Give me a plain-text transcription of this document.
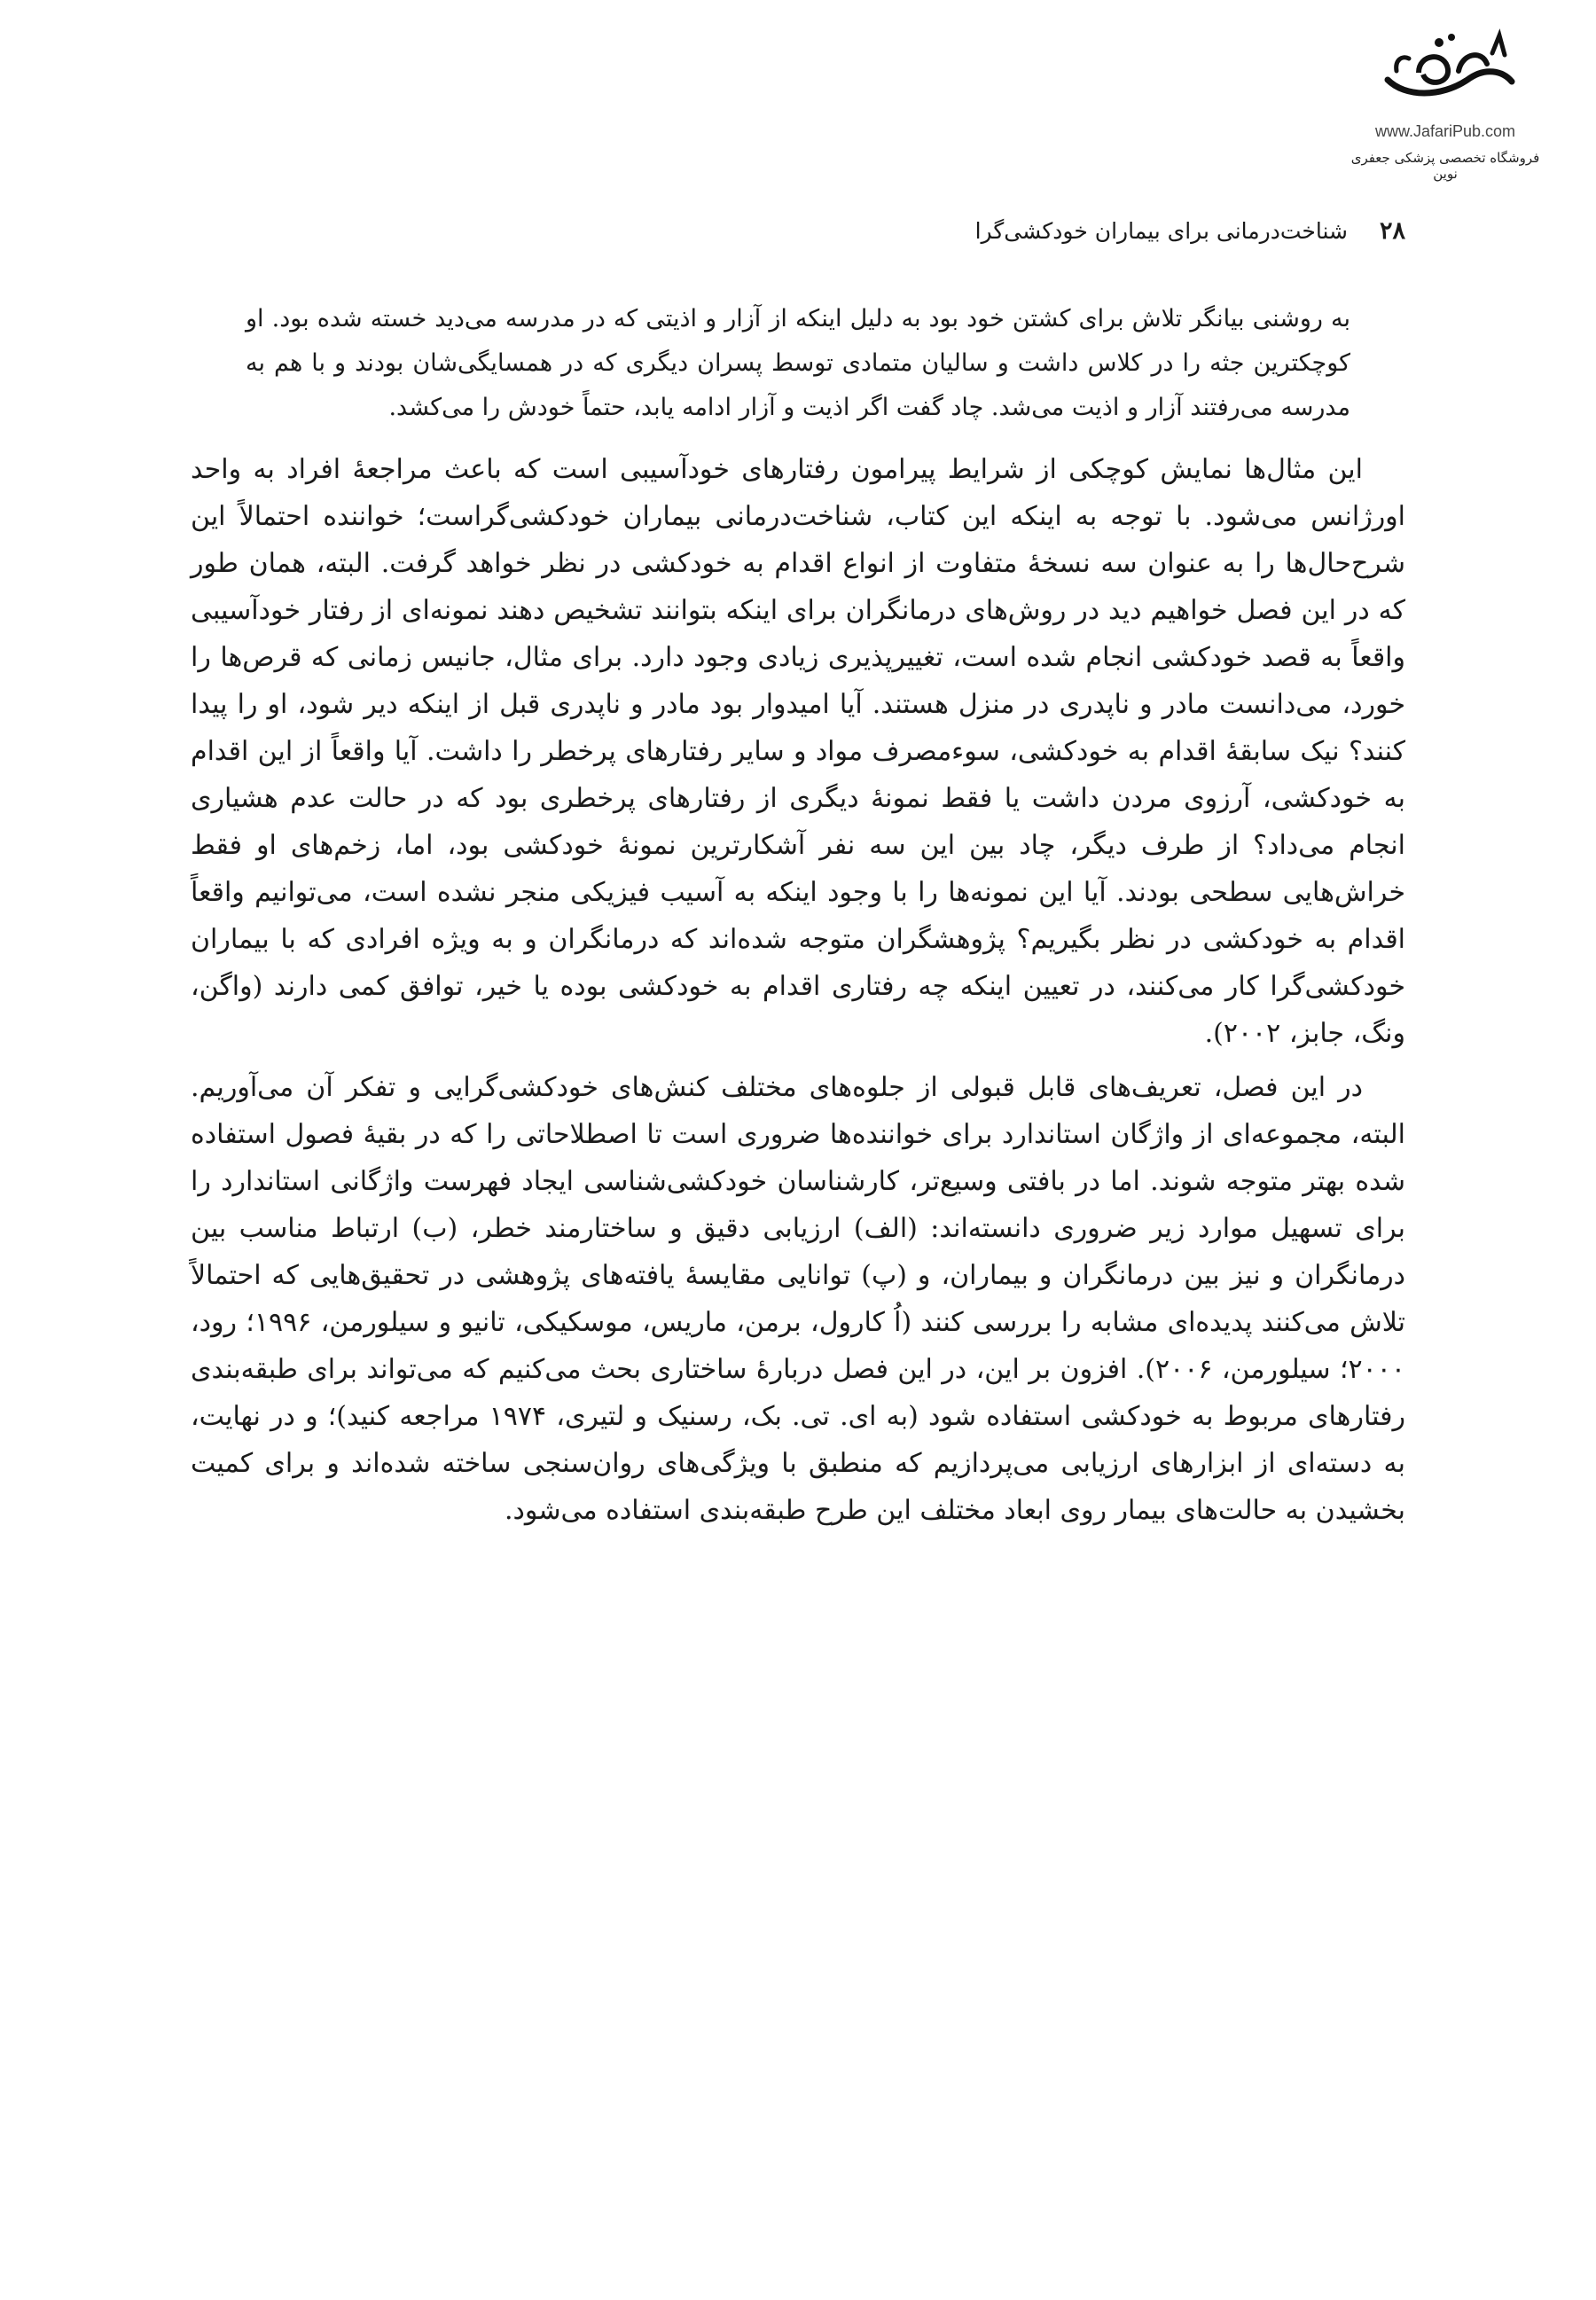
www.JafariPub.com
فروشگاه تخصصی پزشکی جعفری نوین
۲۸
شناخت‌درمانی برای بیماران خودکشی‌گرا

به روشنی بیانگر تلاش برای کشتن خود بود به دلیل اینکه از آزار و اذیتی که در مدرسه می‌دید خسته شده بود. او کوچکترین جثه را در کلاس داشت و سالیان متمادی توسط پسران دیگری که در همسایگی‌شان بودند و با هم به مدرسه می‌رفتند آزار و اذیت می‌شد. چاد گفت اگر اذیت و آزار ادامه یابد، حتماً خودش را می‌کشد.

این مثال‌ها نمایش کوچکی از شرایط پیرامون رفتارهای خودآسیبی است که باعث مراجعهٔ افراد به واحد اورژانس می‌شود. با توجه به اینکه این کتاب، شناخت‌درمانی بیماران خودکشی‌گراست؛ خواننده احتمالاً این شرح‌حال‌ها را به عنوان سه نسخهٔ متفاوت از انواع اقدام به خودکشی در نظر خواهد گرفت. البته، همان طور که در این فصل خواهیم دید در روش‌های درمانگران برای اینکه بتوانند تشخیص دهند نمونه‌ای از رفتار خودآسیبی واقعاً به قصد خودکشی انجام شده است، تغییرپذیری زیادی وجود دارد. برای مثال، جانیس زمانی که قرص‌ها را خورد، می‌دانست مادر و ناپدری در منزل هستند. آیا امیدوار بود مادر و ناپدری قبل از اینکه دیر شود، او را پیدا کنند؟ نیک سابقهٔ اقدام به خودکشی، سوءمصرف مواد و سایر رفتارهای پرخطر را داشت. آیا واقعاً از این اقدام به خودکشی، آرزوی مردن داشت یا فقط نمونهٔ دیگری از رفتارهای پرخطری بود که در حالت عدم هشیاری انجام می‌داد؟ از طرف دیگر، چاد بین این سه نفر آشکارترین نمونهٔ خودکشی بود، اما، زخم‌های او فقط خراش‌هایی سطحی بودند. آیا این نمونه‌ها را با وجود اینکه به آسیب فیزیکی منجر نشده است، می‌توانیم واقعاً اقدام به خودکشی در نظر بگیریم؟ پژوهشگران متوجه شده‌اند که درمانگران و به ویژه افرادی که با بیماران خودکشی‌گرا کار می‌کنند، در تعیین اینکه چه رفتاری اقدام به خودکشی بوده یا خیر، توافق کمی دارند (واگن، ونگ، جابز، ۲۰۰۲).

در این فصل، تعریف‌های قابل قبولی از جلوه‌های مختلف کنش‌های خودکشی‌گرایی و تفکر آن می‌آوریم. البته، مجموعه‌ای از واژگان استاندارد برای خواننده‌ها ضروری است تا اصطلاحاتی را که در بقیهٔ فصول استفاده شده بهتر متوجه شوند. اما در بافتی وسیع‌تر، کارشناسان خودکشی‌شناسی ایجاد فهرست واژگانی استاندارد را برای تسهیل موارد زیر ضروری دانسته‌اند: (الف) ارزیابی دقیق و ساختارمند خطر، (ب) ارتباط مناسب بین درمانگران و نیز بین درمانگران و بیماران، و (پ) توانایی مقایسهٔ یافته‌های پژوهشی در تحقیق‌هایی که احتمالاً تلاش می‌کنند پدیده‌ای مشابه را بررسی کنند (اُ کارول، برمن، ماریس، موسکیکی، تانیو و سیلورمن، ۱۹۹۶؛ رود، ۲۰۰۰؛ سیلورمن، ۲۰۰۶). افزون بر این، در این فصل دربارهٔ ساختاری بحث می‌کنیم که می‌تواند برای طبقه‌بندی رفتارهای مربوط به خودکشی استفاده شود (به ای. تی. بک، رسنیک و لتیری، ۱۹۷۴ مراجعه کنید)؛ و در نهایت، به دسته‌ای از ابزارهای ارزیابی می‌پردازیم که منطبق با ویژگی‌های روان‌سنجی ساخته شده‌اند و برای کمیت بخشیدن به حالت‌های بیمار روی ابعاد مختلف این طرح طبقه‌بندی استفاده می‌شود.
